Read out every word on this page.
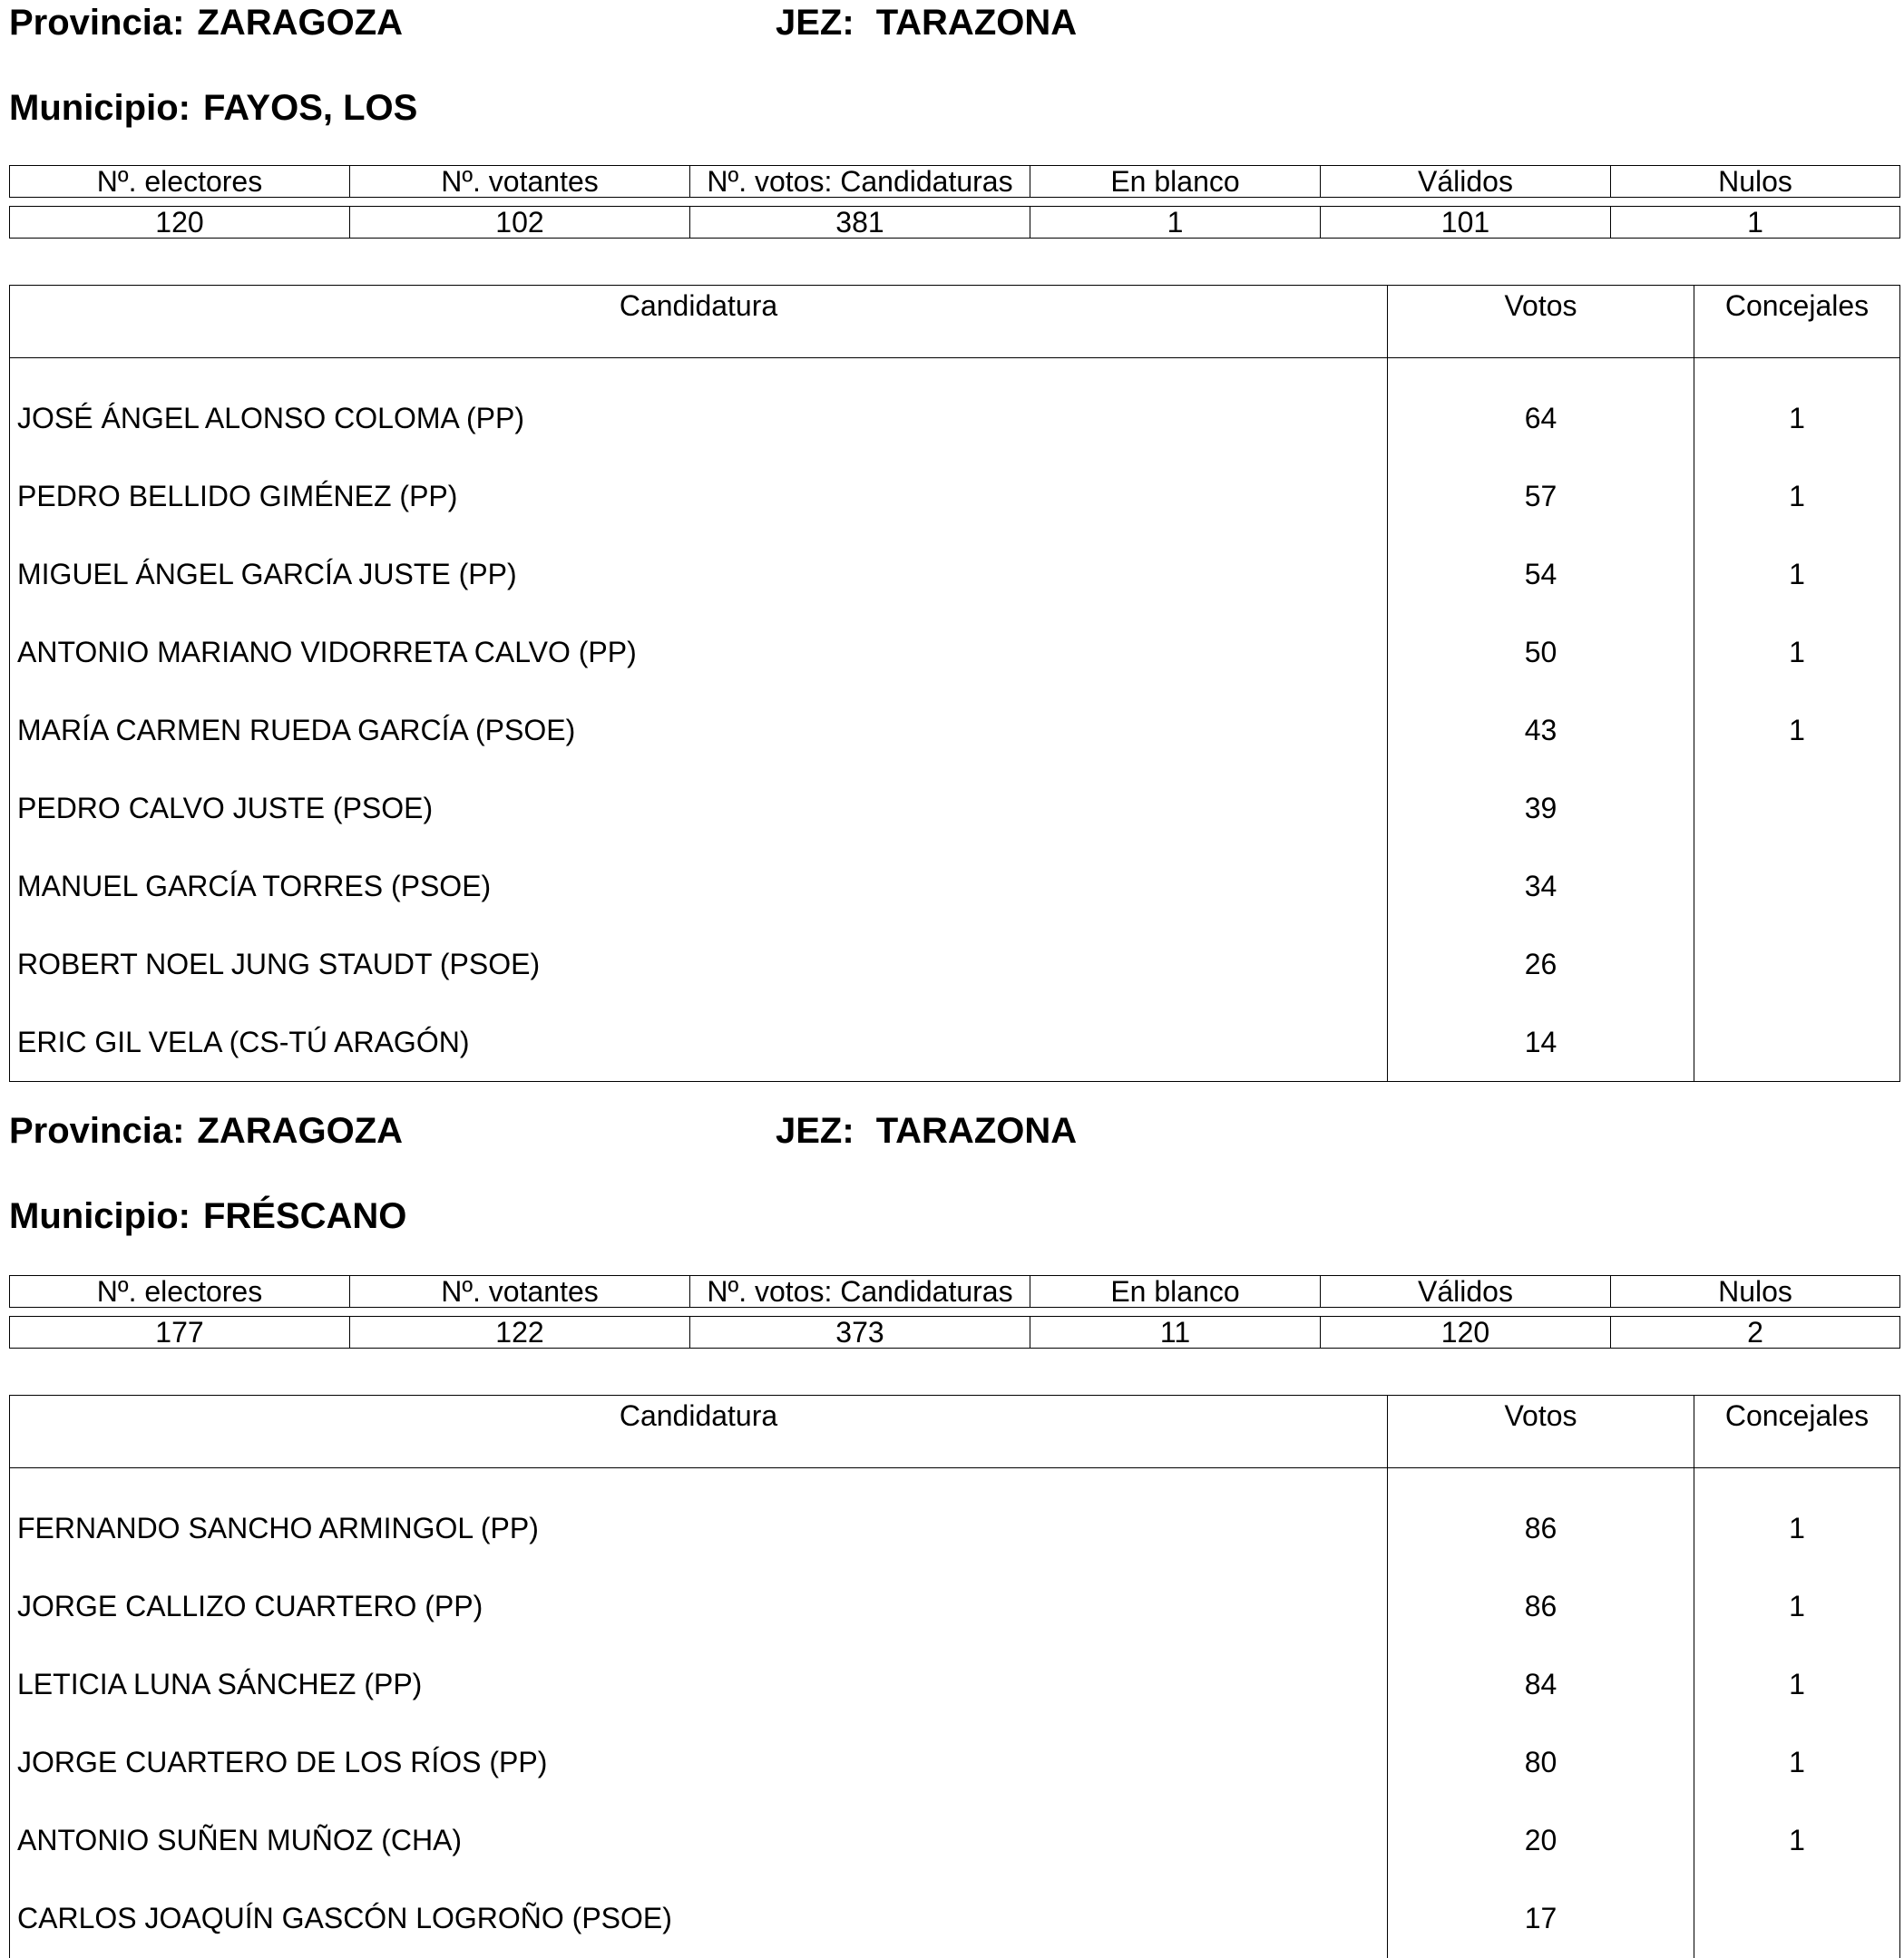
Provincia: ZARAGOZA	JEZ: TARAZONA
Municipio: FAYOS, LOS
Nº. electores	Nº. votantes	Nº. votos: Candidaturas	En blanco	Válidos	Nulos
120	102	381	1	101	1
Candidatura	Votos	Concejales

JOSÉ ÁNGEL ALONSO COLOMA (PP)	64	1
PEDRO BELLIDO GIMÉNEZ (PP)	57	1
MIGUEL ÁNGEL GARCÍA JUSTE (PP)	54	1
ANTONIO MARIANO VIDORRETA CALVO (PP)	50	1
MARÍA CARMEN RUEDA GARCÍA (PSOE)	43	1
PEDRO CALVO JUSTE (PSOE)	39	
MANUEL GARCÍA TORRES (PSOE)	34	
ROBERT NOEL JUNG STAUDT (PSOE)	26	
ERIC GIL VELA (CS-TÚ ARAGÓN)	14	
Provincia: ZARAGOZA	JEZ: TARAZONA
Municipio: FRÉSCANO
Nº. electores	Nº. votantes	Nº. votos: Candidaturas	En blanco	Válidos	Nulos
177	122	373	11	120	2
Candidatura	Votos	Concejales

FERNANDO SANCHO ARMINGOL (PP)	86	1
JORGE CALLIZO CUARTERO (PP)	86	1
LETICIA LUNA SÁNCHEZ (PP)	84	1
JORGE CUARTERO DE LOS RÍOS (PP)	80	1
ANTONIO SUÑEN MUÑOZ (CHA)	20	1
CARLOS JOAQUÍN GASCÓN LOGROÑO (PSOE)	17	
